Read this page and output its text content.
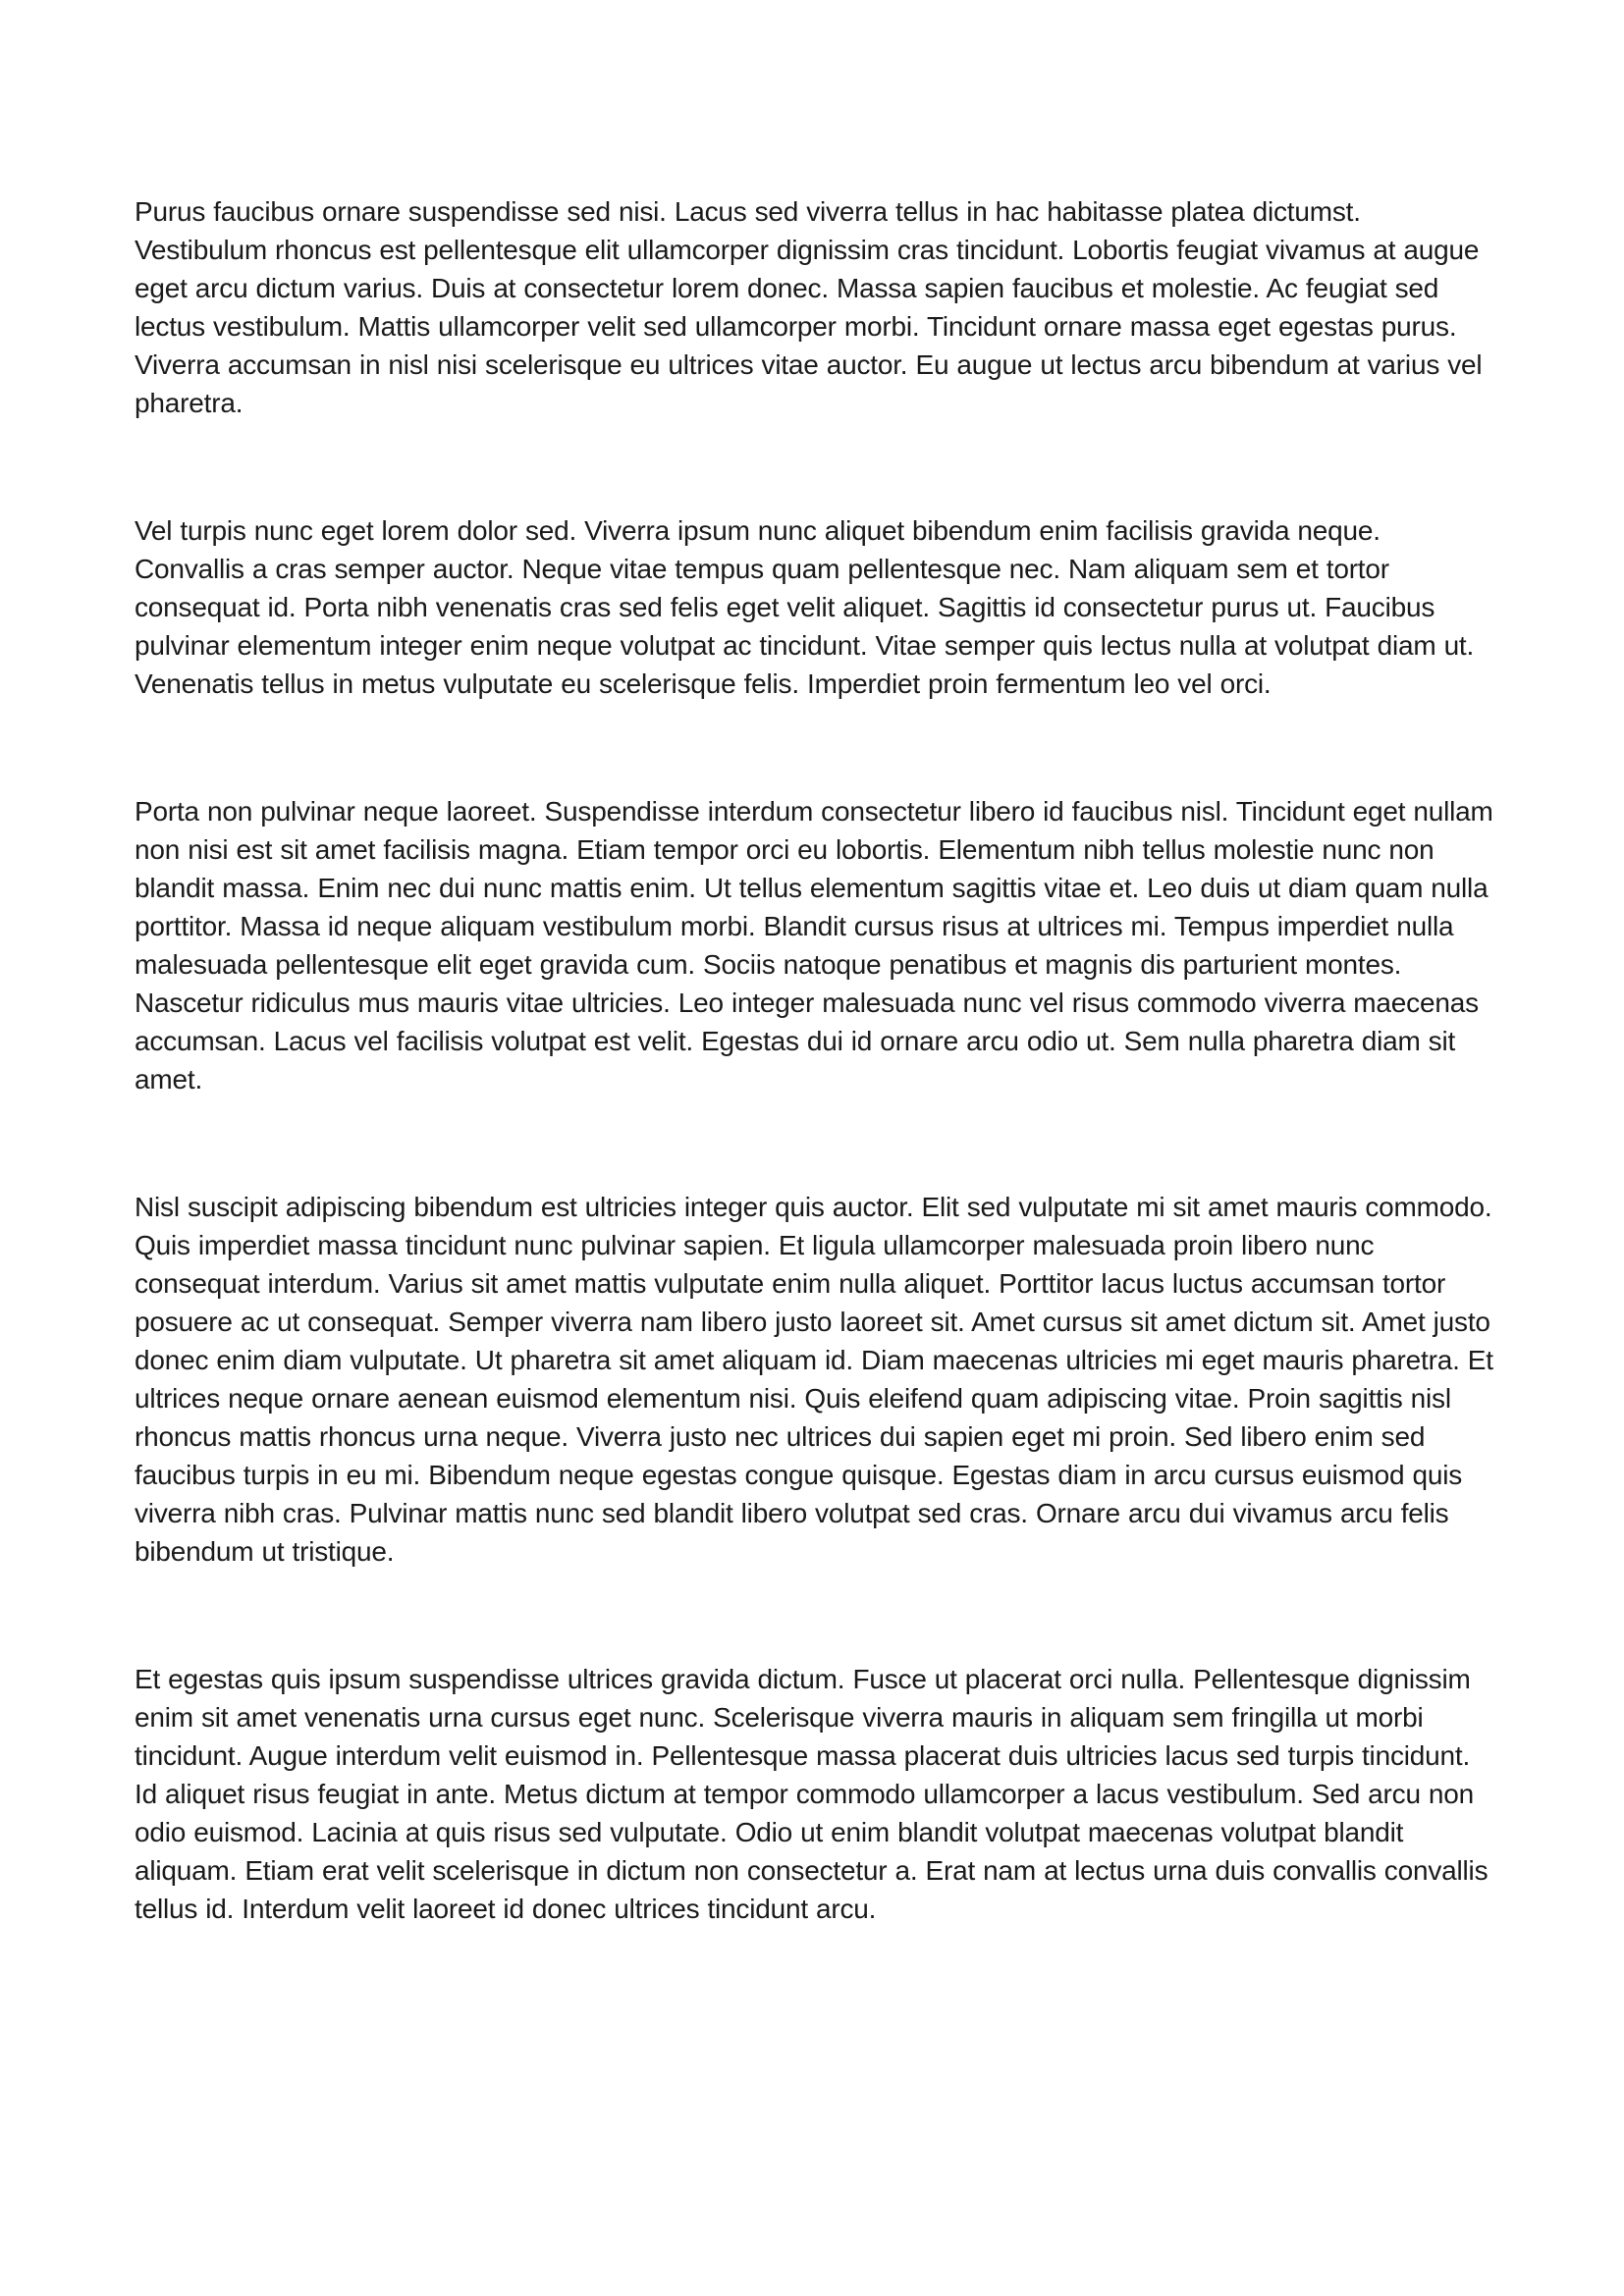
Purus faucibus ornare suspendisse sed nisi. Lacus sed viverra tellus in hac habitasse platea dictumst. Vestibulum rhoncus est pellentesque elit ullamcorper dignissim cras tincidunt. Lobortis feugiat vivamus at augue eget arcu dictum varius. Duis at consectetur lorem donec. Massa sapien faucibus et molestie. Ac feugiat sed lectus vestibulum. Mattis ullamcorper velit sed ullamcorper morbi. Tincidunt ornare massa eget egestas purus. Viverra accumsan in nisl nisi scelerisque eu ultrices vitae auctor. Eu augue ut lectus arcu bibendum at varius vel pharetra.

Vel turpis nunc eget lorem dolor sed. Viverra ipsum nunc aliquet bibendum enim facilisis gravida neque. Convallis a cras semper auctor. Neque vitae tempus quam pellentesque nec. Nam aliquam sem et tortor consequat id. Porta nibh venenatis cras sed felis eget velit aliquet. Sagittis id consectetur purus ut. Faucibus pulvinar elementum integer enim neque volutpat ac tincidunt. Vitae semper quis lectus nulla at volutpat diam ut. Venenatis tellus in metus vulputate eu scelerisque felis. Imperdiet proin fermentum leo vel orci.

Porta non pulvinar neque laoreet. Suspendisse interdum consectetur libero id faucibus nisl. Tincidunt eget nullam non nisi est sit amet facilisis magna. Etiam tempor orci eu lobortis. Elementum nibh tellus molestie nunc non blandit massa. Enim nec dui nunc mattis enim. Ut tellus elementum sagittis vitae et. Leo duis ut diam quam nulla porttitor. Massa id neque aliquam vestibulum morbi. Blandit cursus risus at ultrices mi. Tempus imperdiet nulla malesuada pellentesque elit eget gravida cum. Sociis natoque penatibus et magnis dis parturient montes. Nascetur ridiculus mus mauris vitae ultricies. Leo integer malesuada nunc vel risus commodo viverra maecenas accumsan. Lacus vel facilisis volutpat est velit. Egestas dui id ornare arcu odio ut. Sem nulla pharetra diam sit amet.

Nisl suscipit adipiscing bibendum est ultricies integer quis auctor. Elit sed vulputate mi sit amet mauris commodo. Quis imperdiet massa tincidunt nunc pulvinar sapien. Et ligula ullamcorper malesuada proin libero nunc consequat interdum. Varius sit amet mattis vulputate enim nulla aliquet. Porttitor lacus luctus accumsan tortor posuere ac ut consequat. Semper viverra nam libero justo laoreet sit. Amet cursus sit amet dictum sit. Amet justo donec enim diam vulputate. Ut pharetra sit amet aliquam id. Diam maecenas ultricies mi eget mauris pharetra. Et ultrices neque ornare aenean euismod elementum nisi. Quis eleifend quam adipiscing vitae. Proin sagittis nisl rhoncus mattis rhoncus urna neque. Viverra justo nec ultrices dui sapien eget mi proin. Sed libero enim sed faucibus turpis in eu mi. Bibendum neque egestas congue quisque. Egestas diam in arcu cursus euismod quis viverra nibh cras. Pulvinar mattis nunc sed blandit libero volutpat sed cras. Ornare arcu dui vivamus arcu felis bibendum ut tristique.

Et egestas quis ipsum suspendisse ultrices gravida dictum. Fusce ut placerat orci nulla. Pellentesque dignissim enim sit amet venenatis urna cursus eget nunc. Scelerisque viverra mauris in aliquam sem fringilla ut morbi tincidunt. Augue interdum velit euismod in. Pellentesque massa placerat duis ultricies lacus sed turpis tincidunt. Id aliquet risus feugiat in ante. Metus dictum at tempor commodo ullamcorper a lacus vestibulum. Sed arcu non odio euismod. Lacinia at quis risus sed vulputate. Odio ut enim blandit volutpat maecenas volutpat blandit aliquam. Etiam erat velit scelerisque in dictum non consectetur a. Erat nam at lectus urna duis convallis convallis tellus id. Interdum velit laoreet id donec ultrices tincidunt arcu.
